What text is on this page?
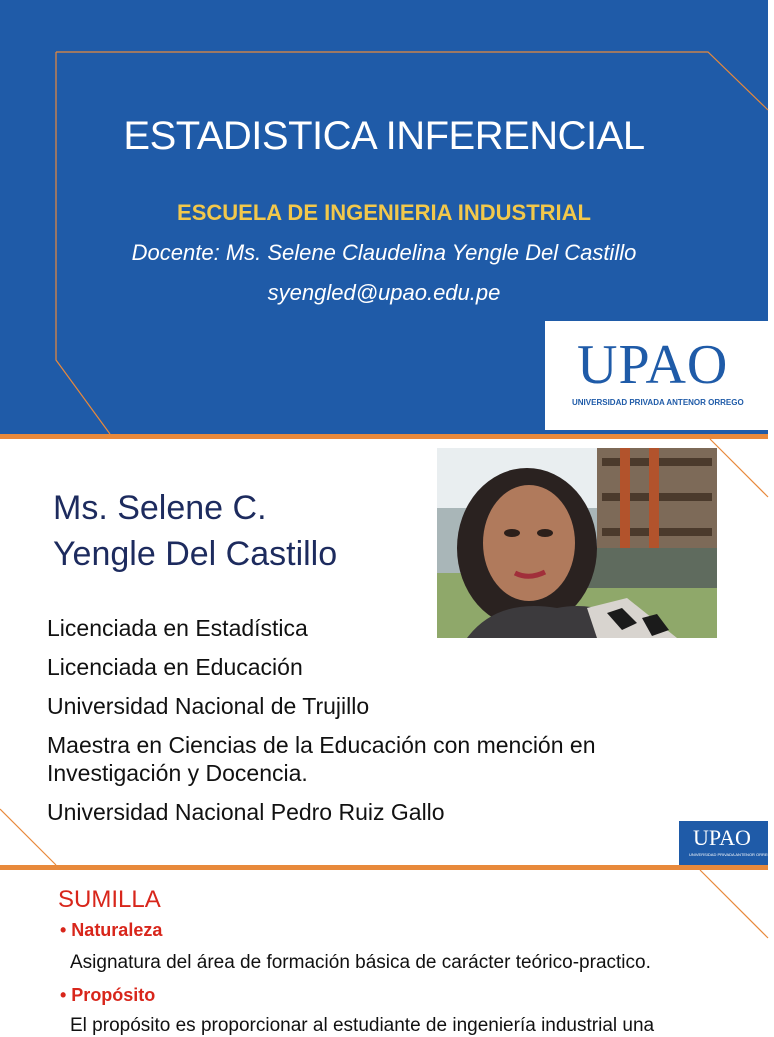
ESTADISTICA INFERENCIAL
ESCUELA DE INGENIERIA INDUSTRIAL
Docente: Ms. Selene Claudelina Yengle Del Castillo
syengled@upao.edu.pe
UPAO
UNIVERSIDAD PRIVADA ANTENOR ORREGO
Ms. Selene C.
Yengle Del Castillo
Licenciada en Estadística
Licenciada en Educación
Universidad Nacional de Trujillo
Maestra en Ciencias de la Educación con mención en Investigación y Docencia.
Universidad Nacional Pedro Ruiz Gallo
UPAO
UNIVERSIDAD PRIVADA ANTENOR ORREGO
SUMILLA
• Naturaleza
Asignatura del área de formación básica de carácter teórico-practico.
• Propósito
El propósito es proporcionar al estudiante de ingeniería industrial una
